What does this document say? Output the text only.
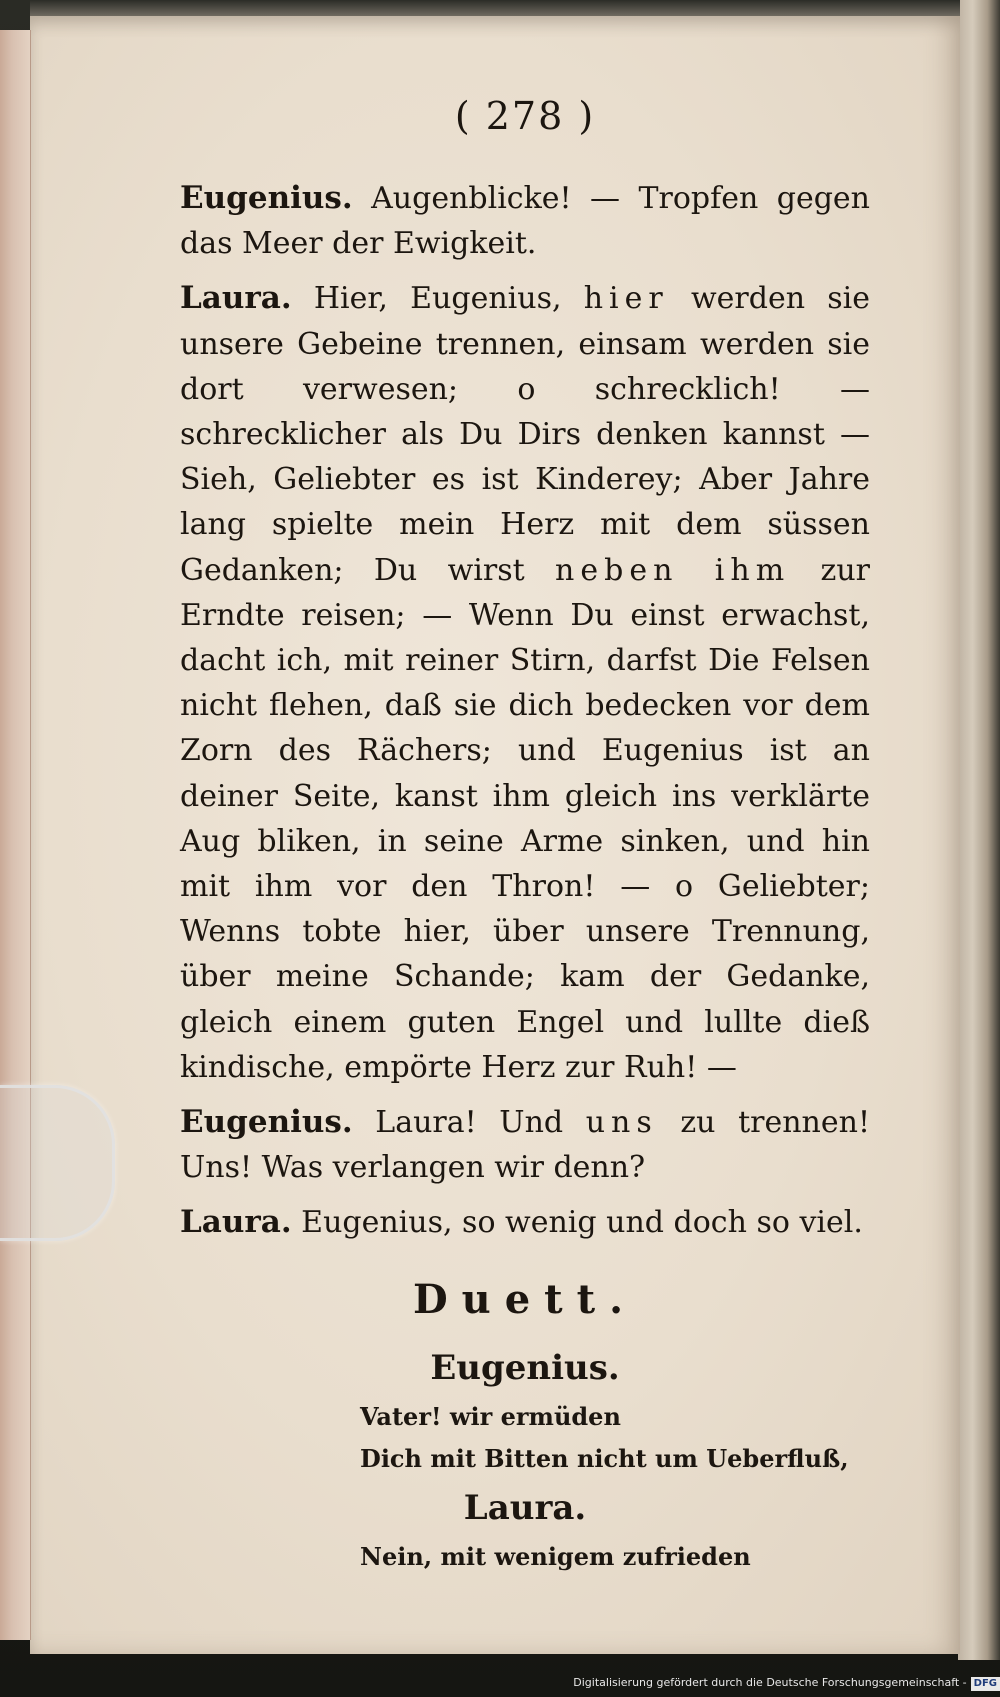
( 278 )

Eugenius. Augenblicke! — Tropfen gegen das Meer der Ewigkeit.

Laura. Hier, Eugenius, hier werden sie unsere Gebeine trennen, einsam werden sie dort verwesen; o schrecklich! — schrecklicher als Du Dirs denken kannst — Sieh, Geliebter es ist Kinderey; Aber Jahre lang spielte mein Herz mit dem süssen Gedanken; Du wirst neben ihm zur Erndte reisen; — Wenn Du einst erwachst, dacht ich, mit reiner Stirn, darfst Die Felsen nicht flehen, daß sie dich bedecken vor dem Zorn des Rächers; und Eugenius ist an deiner Seite, kanst ihm gleich ins verklärte Aug bliken, in seine Arme sinken, und hin mit ihm vor den Thron! — o Geliebter; Wenns tobte hier, über unsere Trennung, über meine Schande; kam der Gedanke, gleich einem guten Engel und lullte dieß kindische, empörte Herz zur Ruh! —

Eugenius. Laura! Und uns zu trennen! Uns! Was verlangen wir denn?

Laura. Eugenius, so wenig und doch so viel.

Duett.
Eugenius.
Vater! wir ermüden
Dich mit Bitten nicht um Ueberfluß,
Laura.
Nein, mit wenigem zufrieden
Digitalisierung gefördert durch die Deutsche Forschungsgemeinschaft - DFG
